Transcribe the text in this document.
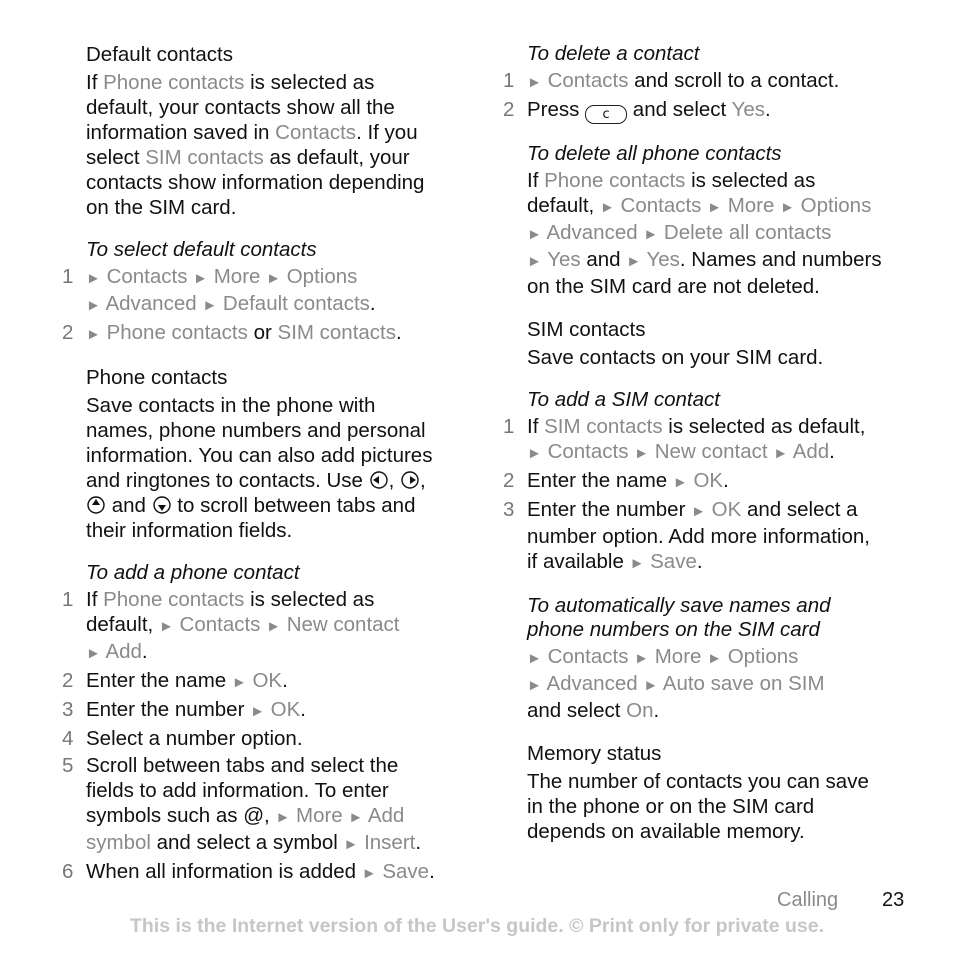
Default contacts
If Phone contacts is selected as default, your contacts show all the information saved in Contacts. If you select SIM contacts as default, your contacts show information depending on the SIM card.
To select default contacts
1 ► Contacts ► More ► Options
► Advanced ► Default contacts.
2 ► Phone contacts or SIM contacts.
Phone contacts
Save contacts in the phone with names, phone numbers and personal information. You can also add pictures and ringtones to contacts. Use , ,
and  to scroll between tabs and their information fields.
To add a phone contact
1 If Phone contacts is selected as default, ► Contacts ► New contact
► Add.
2 Enter the name ► OK.
3 Enter the number ► OK.
4 Select a number option.
5 Scroll between tabs and select the fields to add information. To enter symbols such as @, ► More ► Add symbol and select a symbol ► Insert.
6 When all information is added ► Save.
To delete a contact
1 ► Contacts and scroll to a contact.
2 Press c and select Yes.
To delete all phone contacts
If Phone contacts is selected as default, ► Contacts ► More ► Options
► Advanced ► Delete all contacts
► Yes and ► Yes. Names and numbers on the SIM card are not deleted.
SIM contacts
Save contacts on your SIM card.
To add a SIM contact
1 If SIM contacts is selected as default,
► Contacts ► New contact ► Add.
2 Enter the name ► OK.
3 Enter the number ► OK and select a number option. Add more information, if available ► Save.
To automatically save names and phone numbers on the SIM card
► Contacts ► More ► Options
► Advanced ► Auto save on SIM
and select On.
Memory status
The number of contacts you can save in the phone or on the SIM card depends on available memory.
Calling 23
This is the Internet version of the User's guide. © Print only for private use.
